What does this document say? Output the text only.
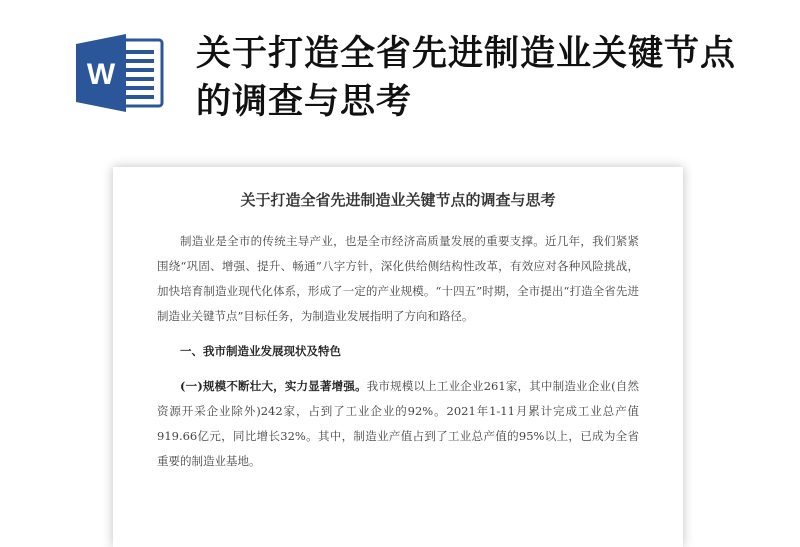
W
关于打造全省先进制造业关键节点的调查与思考
关于打造全省先进制造业关键节点的调查与思考

制造业是全市的传统主导产业，也是全市经济高质量发展的重要支撑。近几年，我们紧紧围绕“巩固、增强、提升、畅通”八字方针，深化供给侧结构性改革，有效应对各种风险挑战，加快培育制造业现代化体系，形成了一定的产业规模。“十四五”时期，全市提出“打造全省先进制造业关键节点”目标任务，为制造业发展指明了方向和路径。

一、我市制造业发展现状及特色

(一)规模不断壮大，实力显著增强。我市规模以上工业企业261家，其中制造业企业(自然资源开采企业除外)242家，占到了工业企业的92%。2021年1-11月累计完成工业总产值919.66亿元，同比增长32%。其中，制造业产值占到了工业总产值的95%以上，已成为全省重要的制造业基地。
